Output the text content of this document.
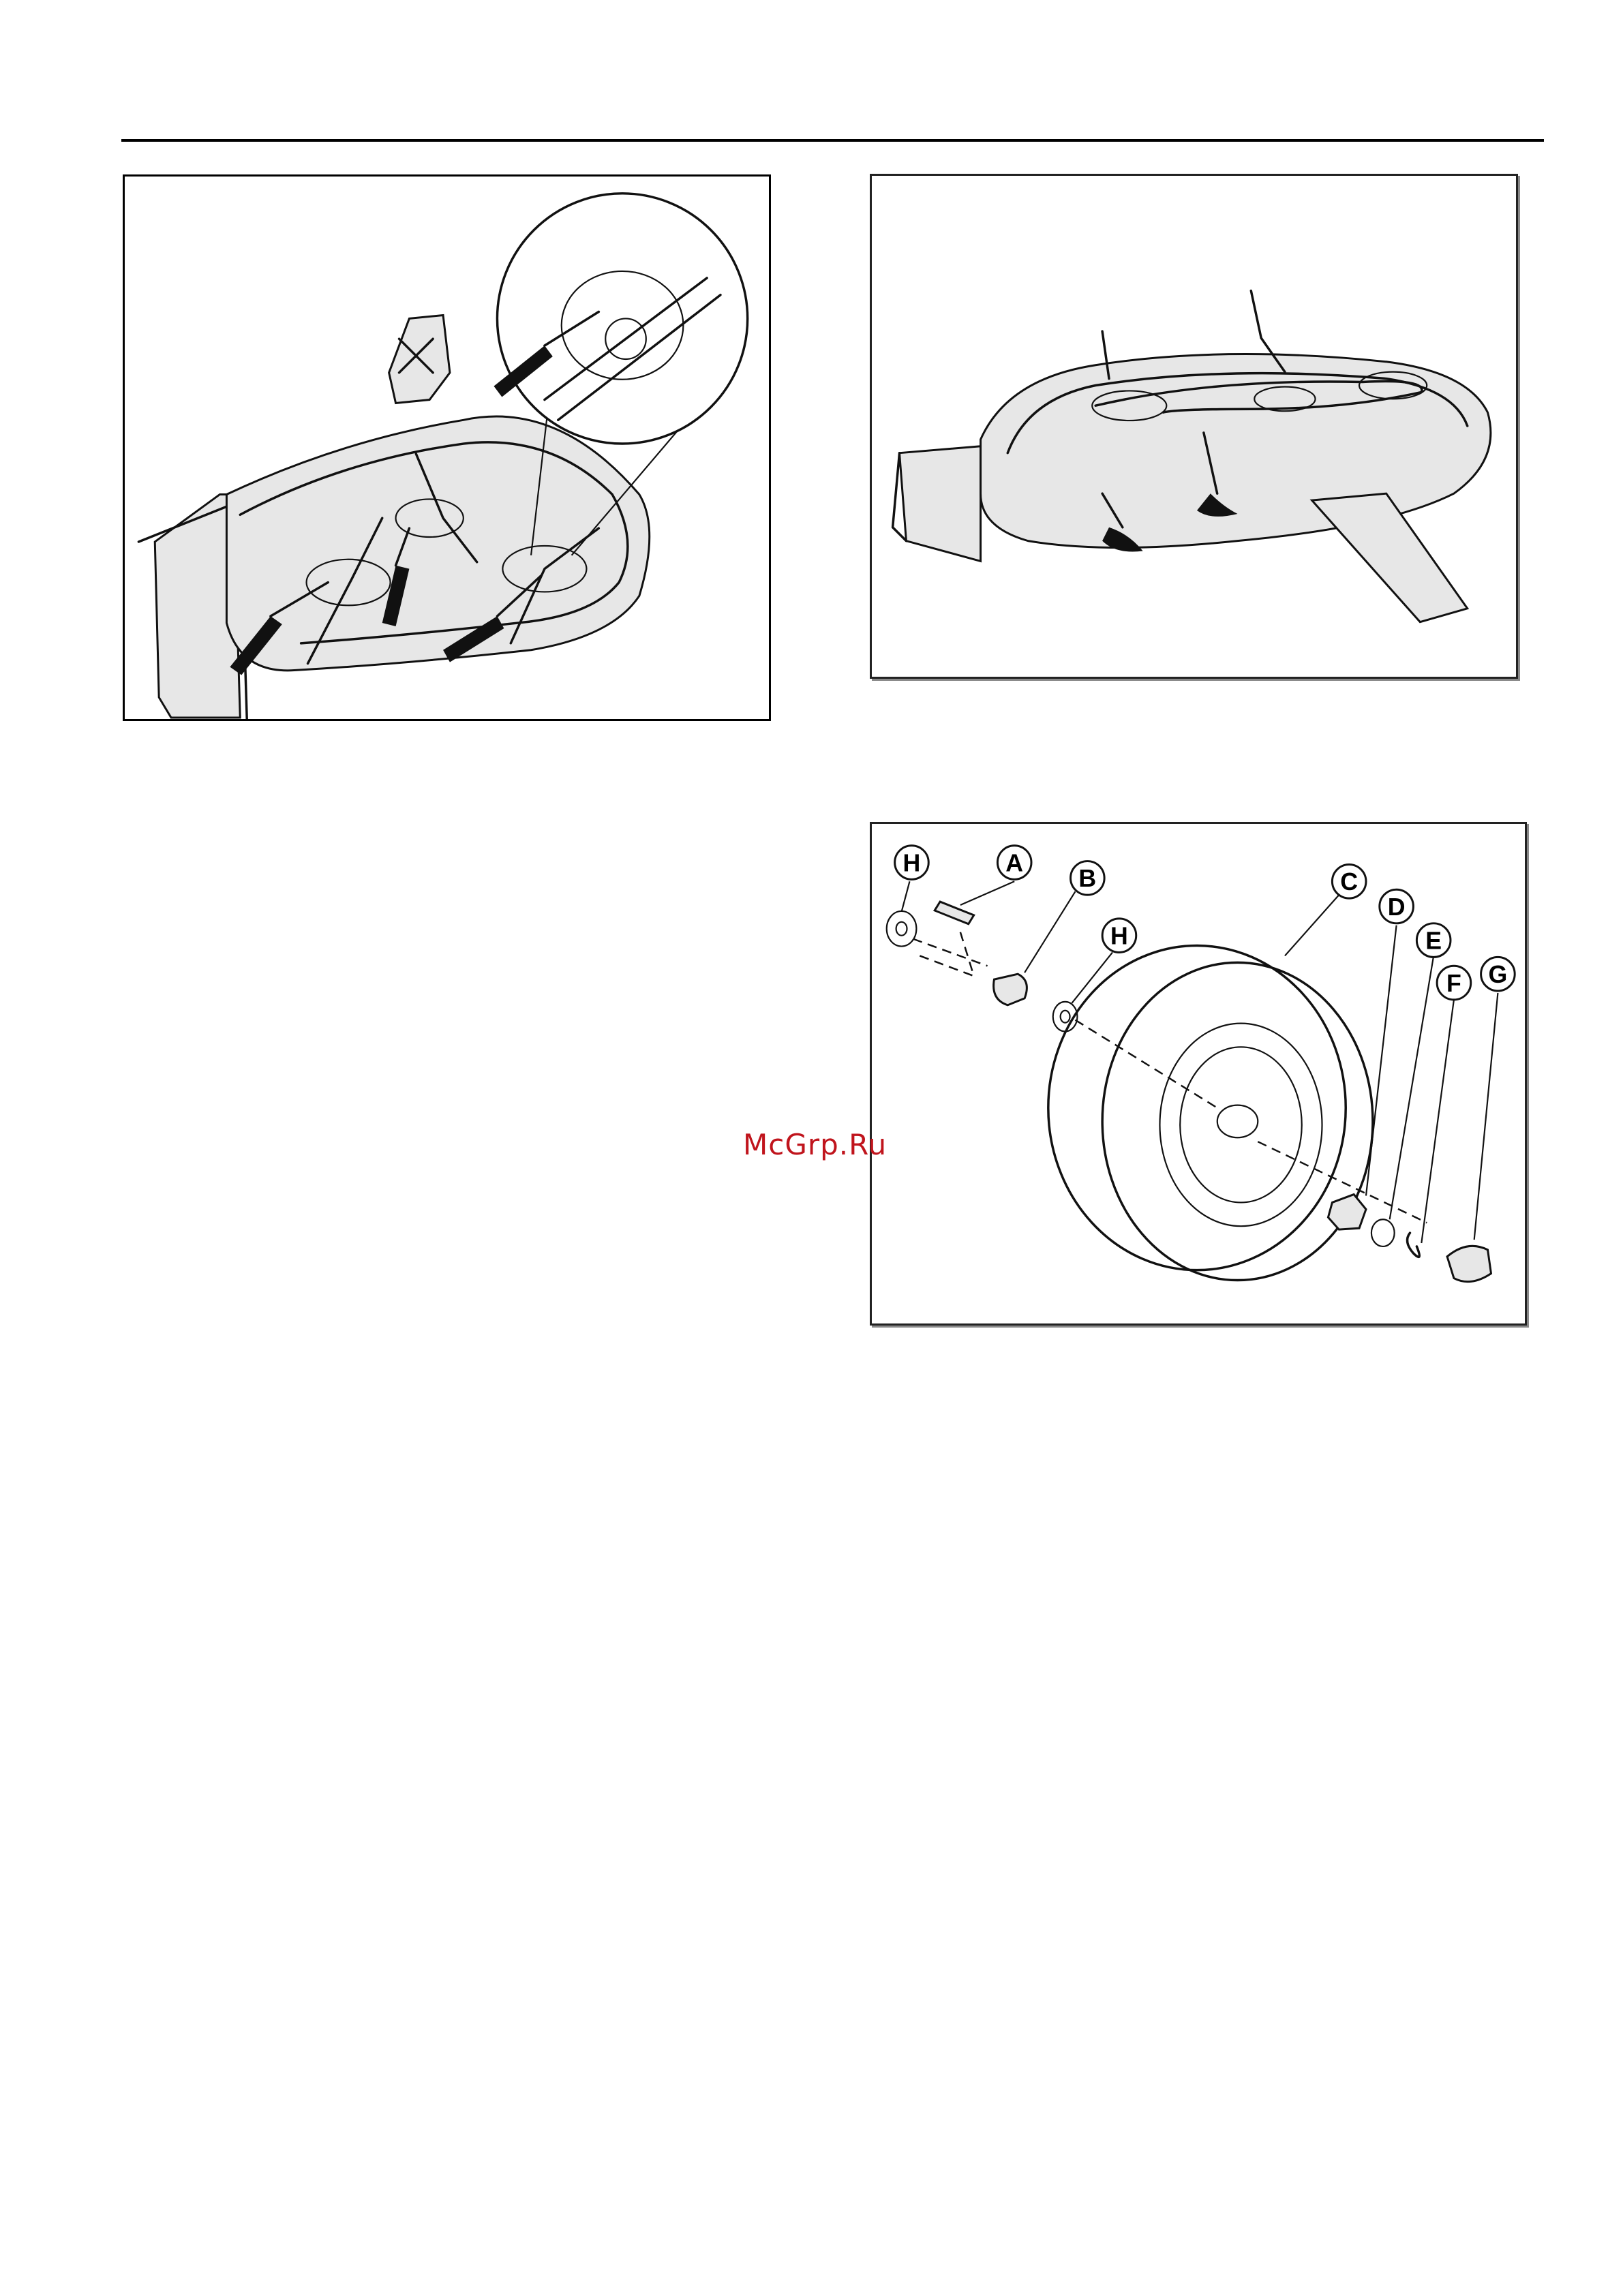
H	A
B
H
C
D
E
F G
McGrp.Ru
